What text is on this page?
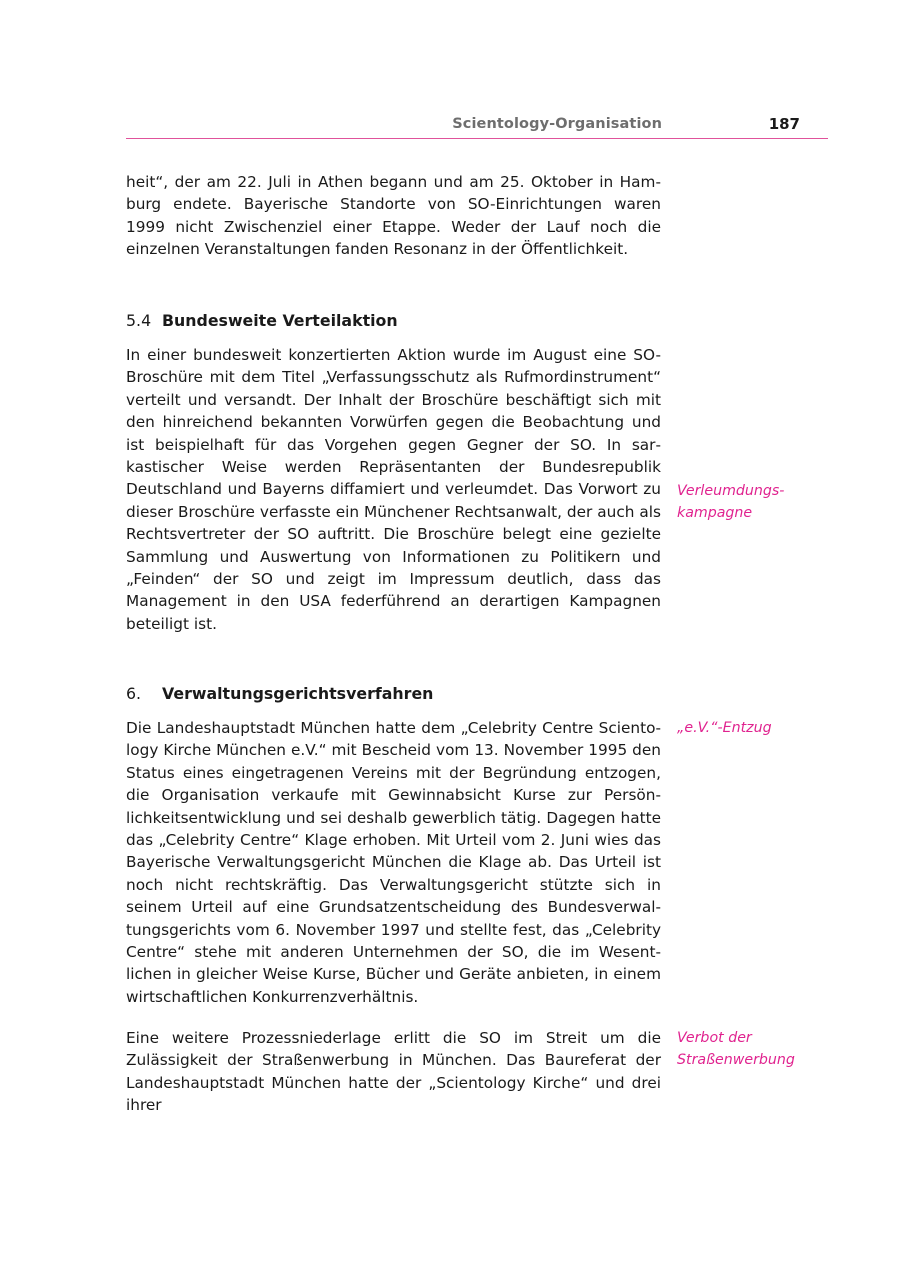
Scientology-Organisation	187

heit“, der am 22. Juli in Athen begann und am 25. Oktober in Hamburg endete. Bayerische Standorte von SO-Einrichtungen waren 1999 nicht Zwischenziel einer Etappe. Weder der Lauf noch die einzelnen Veranstaltungen fanden Resonanz in der Öffentlichkeit.

5.4 Bundesweite Verteilaktion

In einer bundesweit konzertierten Aktion wurde im August eine SO-Broschüre mit dem Titel „Verfassungsschutz als Rufmordinstrument“ verteilt und versandt. Der Inhalt der Broschüre beschäftigt sich mit den hinreichend bekannten Vorwürfen gegen die Beobachtung und ist beispielhaft für das Vorgehen gegen Gegner der SO. In sarkastischer Weise werden Repräsentanten der Bundesrepublik Deutschland und Bayerns diffamiert und verleumdet. Das Vorwort zu dieser Broschüre verfasste ein Münchener Rechtsanwalt, der auch als Rechtsvertreter der SO auftritt. Die Broschüre belegt eine gezielte Sammlung und Auswertung von Informationen zu Politikern und „Feinden“ der SO und zeigt im Impressum deutlich, dass das Management in den USA federführend an derartigen Kampagnen beteiligt ist.

Verleumdungs-
kampagne

6. Verwaltungsgerichtsverfahren

Die Landeshauptstadt München hatte dem „Celebrity Centre Scientology Kirche München e.V.“ mit Bescheid vom 13. November 1995 den Status eines eingetragenen Vereins mit der Begründung entzogen, die Organisation verkaufe mit Gewinnabsicht Kurse zur Persönlichkeitsentwicklung und sei deshalb gewerblich tätig. Dagegen hatte das „Celebrity Centre“ Klage erhoben. Mit Urteil vom 2. Juni wies das Bayerische Verwaltungsgericht München die Klage ab. Das Urteil ist noch nicht rechtskräftig. Das Verwaltungsgericht stützte sich in seinem Urteil auf eine Grundsatzentscheidung des Bundesverwaltungsgerichts vom 6. November 1997 und stellte fest, das „Celebrity Centre“ stehe mit anderen Unternehmen der SO, die im Wesentlichen in gleicher Weise Kurse, Bücher und Geräte anbieten, in einem wirtschaftlichen Konkurrenzverhältnis.

„e.V.“-Entzug

Eine weitere Prozessniederlage erlitt die SO im Streit um die Zulässigkeit der Straßenwerbung in München. Das Baureferat der Landeshauptstadt München hatte der „Scientology Kirche“ und drei ihrer

Verbot der
Straßenwerbung
